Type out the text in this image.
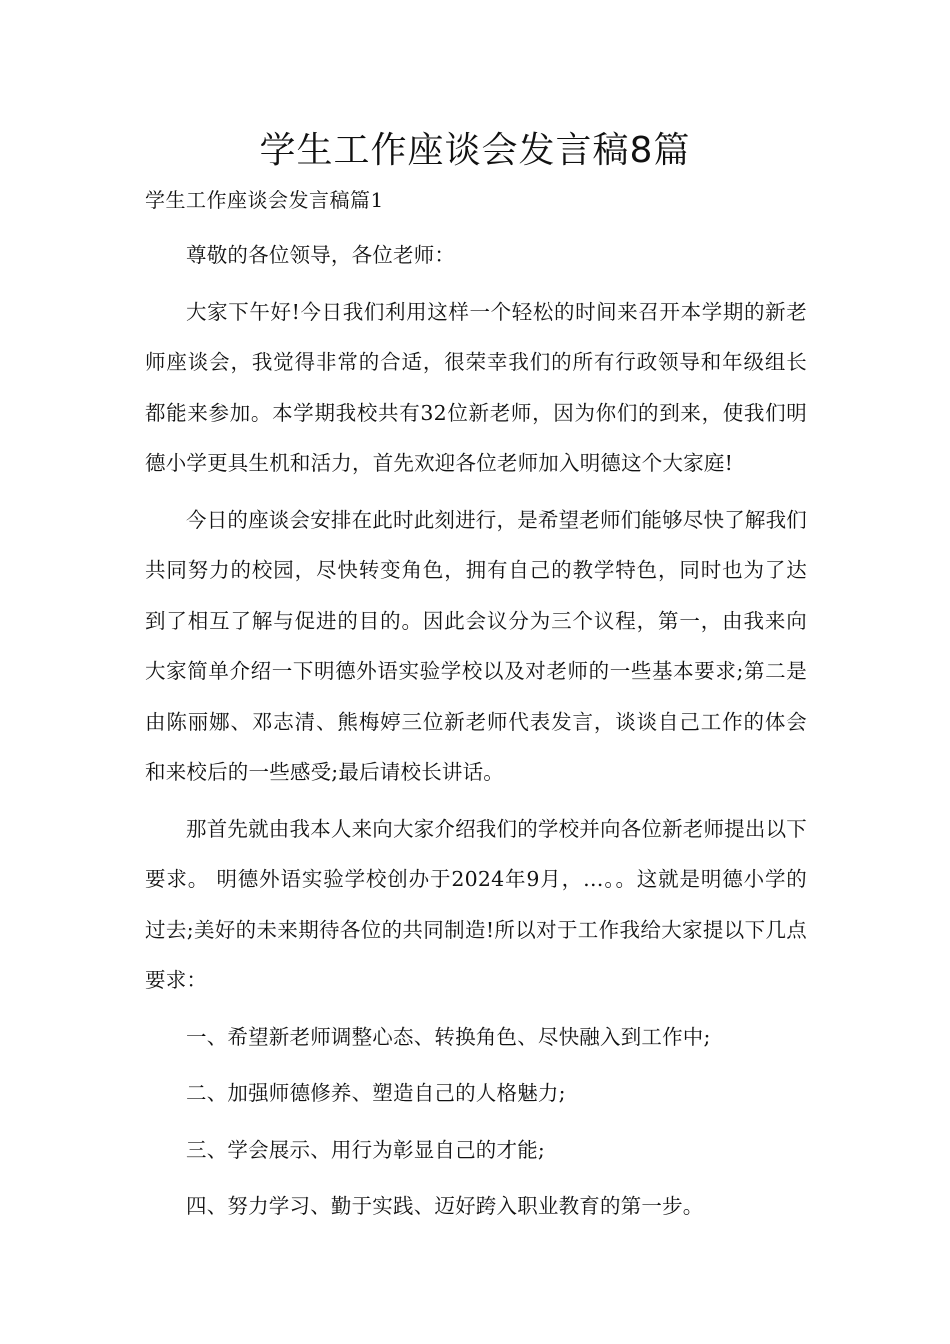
学生工作座谈会发言稿8篇

学生工作座谈会发言稿篇1

尊敬的各位领导，各位老师：

大家下午好!今日我们利用这样一个轻松的时间来召开本学期的新老师座谈会，我觉得非常的合适，很荣幸我们的所有行政领导和年级组长都能来参加。本学期我校共有32位新老师，因为你们的到来，使我们明德小学更具生机和活力，首先欢迎各位老师加入明德这个大家庭!

今日的座谈会安排在此时此刻进行，是希望老师们能够尽快了解我们共同努力的校园，尽快转变角色，拥有自己的教学特色，同时也为了达到了相互了解与促进的目的。因此会议分为三个议程，第一，由我来向大家简单介绍一下明德外语实验学校以及对老师的一些基本要求;第二是由陈丽娜、邓志清、熊梅婷三位新老师代表发言，谈谈自己工作的体会和来校后的一些感受;最后请校长讲话。

那首先就由我本人来向大家介绍我们的学校并向各位新老师提出以下要求。 明德外语实验学校创办于2024年9月，…。。这就是明德小学的过去;美好的未来期待各位的共同制造!所以对于工作我给大家提以下几点要求：

一、希望新老师调整心态、转换角色、尽快融入到工作中;

二、加强师德修养、塑造自己的人格魅力;

三、学会展示、用行为彰显自己的才能;

四、努力学习、勤于实践、迈好跨入职业教育的第一步。
